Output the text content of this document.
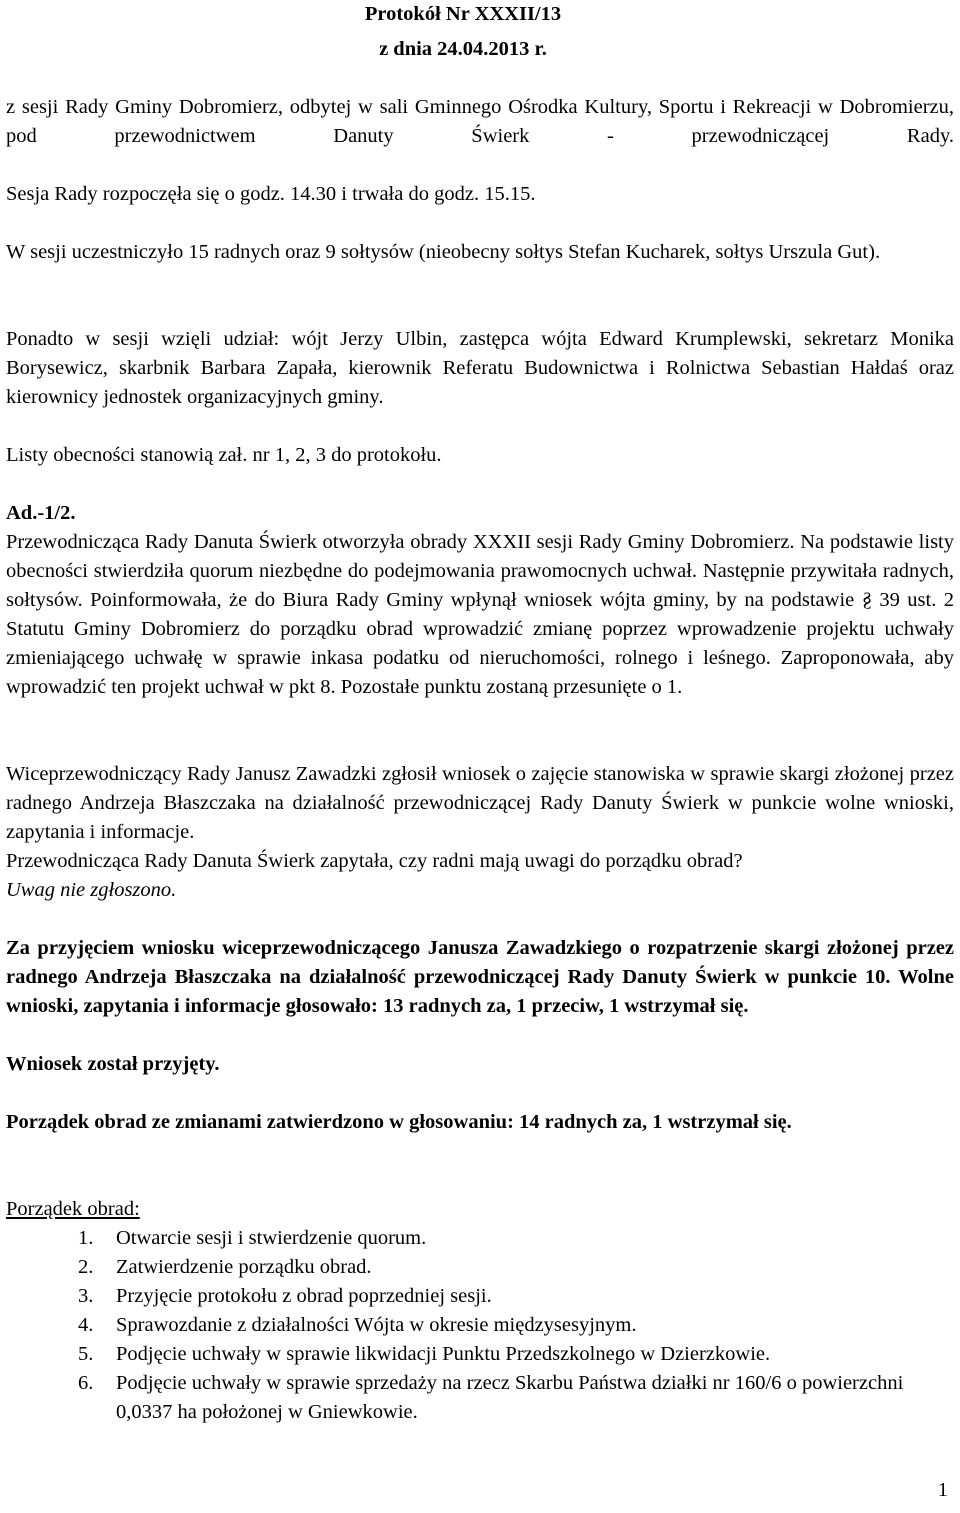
Protokół Nr XXXII/13
z dnia 24.04.2013 r.

z sesji Rady Gminy Dobromierz, odbytej w sali Gminnego Ośrodka Kultury, Sportu i Rekreacji w Dobromierzu, pod przewodnictwem Danuty Świerk - przewodniczącej Rady.

Sesja Rady rozpoczęła się o godz. 14.30 i trwała do godz. 15.15.

W sesji uczestniczyło 15 radnych oraz 9 sołtysów (nieobecny sołtys Stefan Kucharek, sołtys Urszula Gut).

Ponadto w sesji wzięli udział: wójt Jerzy Ulbin, zastępca wójta Edward Krumplewski, sekretarz Monika Borysewicz, skarbnik Barbara Zapała, kierownik Referatu Budownictwa i Rolnictwa Sebastian Hałdaś oraz kierownicy jednostek organizacyjnych gminy.

Listy obecności stanowią zał. nr 1, 2, 3 do protokołu.

Ad.-1/2.

Przewodnicząca Rady Danuta Świerk otworzyła obrady XXXII sesji Rady Gminy Dobromierz. Na podstawie listy obecności stwierdziła quorum niezbędne do podejmowania prawomocnych uchwał. Następnie przywitała radnych, sołtysów. Poinformowała, że do Biura Rady Gminy wpłynął wniosek wójta gminy, by na podstawie § 39 ust. 2 Statutu Gminy Dobromierz do porządku obrad wprowadzić zmianę poprzez wprowadzenie projektu uchwały zmieniającego uchwałę w sprawie inkasa podatku od nieruchomości, rolnego i leśnego. Zaproponowała, aby wprowadzić ten projekt uchwał w pkt 8. Pozostałe punktu zostaną przesunięte o 1.

Wiceprzewodniczący Rady Janusz Zawadzki zgłosił wniosek o zajęcie stanowiska w sprawie skargi złożonej przez radnego Andrzeja Błaszczaka na działalność przewodniczącej Rady Danuty Świerk w punkcie wolne wnioski, zapytania i informacje.

Przewodnicząca Rady Danuta Świerk zapytała, czy radni mają uwagi do porządku obrad?

Uwag nie zgłoszono.

Za przyjęciem wniosku wiceprzewodniczącego Janusza Zawadzkiego o rozpatrzenie skargi złożonej przez radnego Andrzeja Błaszczaka na działalność przewodniczącej Rady Danuty Świerk w punkcie 10. Wolne wnioski, zapytania i informacje głosowało: 13 radnych za, 1 przeciw, 1 wstrzymał się.

Wniosek został przyjęty.

Porządek obrad ze zmianami zatwierdzono w głosowaniu: 14 radnych za, 1 wstrzymał się.

Porządek obrad:

1. Otwarcie sesji i stwierdzenie quorum.
2. Zatwierdzenie porządku obrad.
3. Przyjęcie protokołu z obrad poprzedniej sesji.
4. Sprawozdanie z działalności Wójta w okresie międzysesyjnym.
5. Podjęcie uchwały w sprawie likwidacji Punktu Przedszkolnego w Dzierzkowie.
6. Podjęcie uchwały w sprawie sprzedaży na rzecz Skarbu Państwa działki nr 160/6 o powierzchni 0,0337 ha położonej w Gniewkowie.
1
